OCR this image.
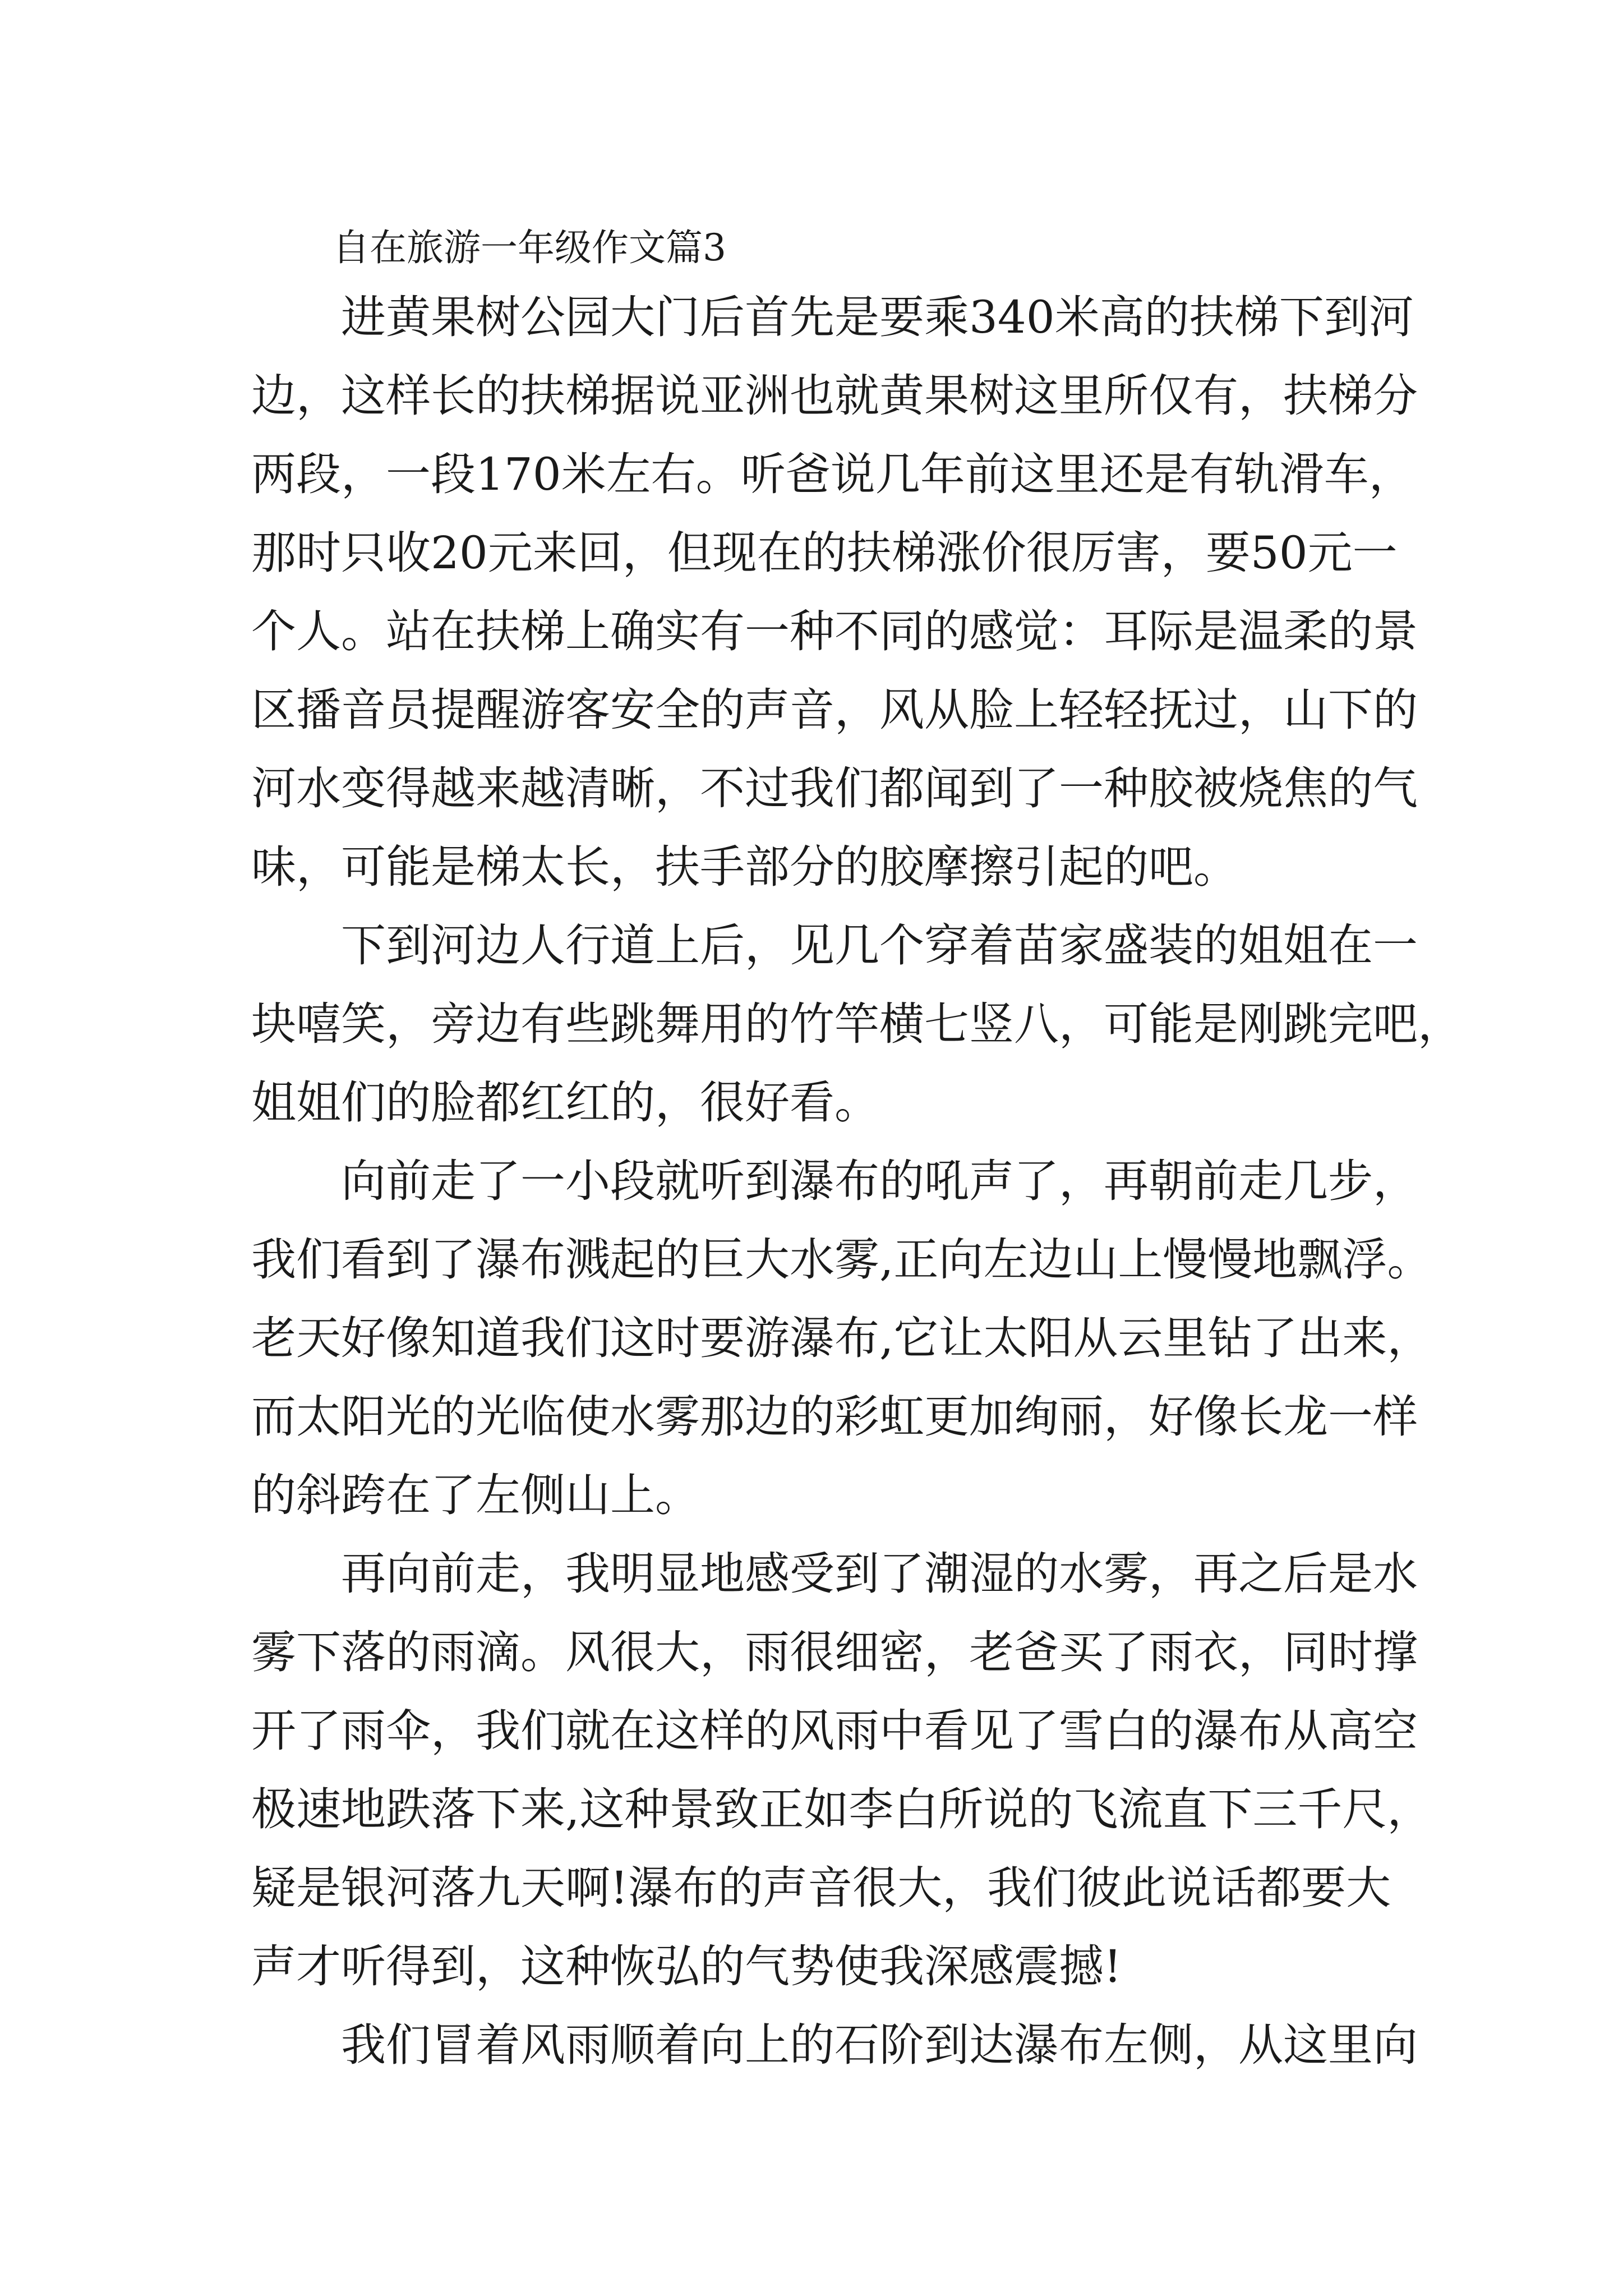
自在旅游一年级作文篇3
进黄果树公园大门后首先是要乘340米高的扶梯下到河
边，这样长的扶梯据说亚洲也就黄果树这里所仅有，扶梯分
两段，一段170米左右。听爸说几年前这里还是有轨滑车，
那时只收20元来回，但现在的扶梯涨价很厉害，要50元一
个人。站在扶梯上确实有一种不同的感觉：耳际是温柔的景
区播音员提醒游客安全的声音，风从脸上轻轻抚过，山下的
河水变得越来越清晰，不过我们都闻到了一种胶被烧焦的气
味，可能是梯太长，扶手部分的胶摩擦引起的吧。
下到河边人行道上后，见几个穿着苗家盛装的姐姐在一
块嘻笑，旁边有些跳舞用的竹竿横七竖八，可能是刚跳完吧，
姐姐们的脸都红红的，很好看。
向前走了一小段就听到瀑布的吼声了，再朝前走几步，
我们看到了瀑布溅起的巨大水雾,正向左边山上慢慢地飘浮。
老天好像知道我们这时要游瀑布,它让太阳从云里钻了出来，
而太阳光的光临使水雾那边的彩虹更加绚丽，好像长龙一样
的斜跨在了左侧山上。
再向前走，我明显地感受到了潮湿的水雾，再之后是水
雾下落的雨滴。风很大，雨很细密，老爸买了雨衣，同时撑
开了雨伞，我们就在这样的风雨中看见了雪白的瀑布从高空
极速地跌落下来,这种景致正如李白所说的飞流直下三千尺，
疑是银河落九天啊!瀑布的声音很大，我们彼此说话都要大
声才听得到，这种恢弘的气势使我深感震撼!
我们冒着风雨顺着向上的石阶到达瀑布左侧，从这里向
